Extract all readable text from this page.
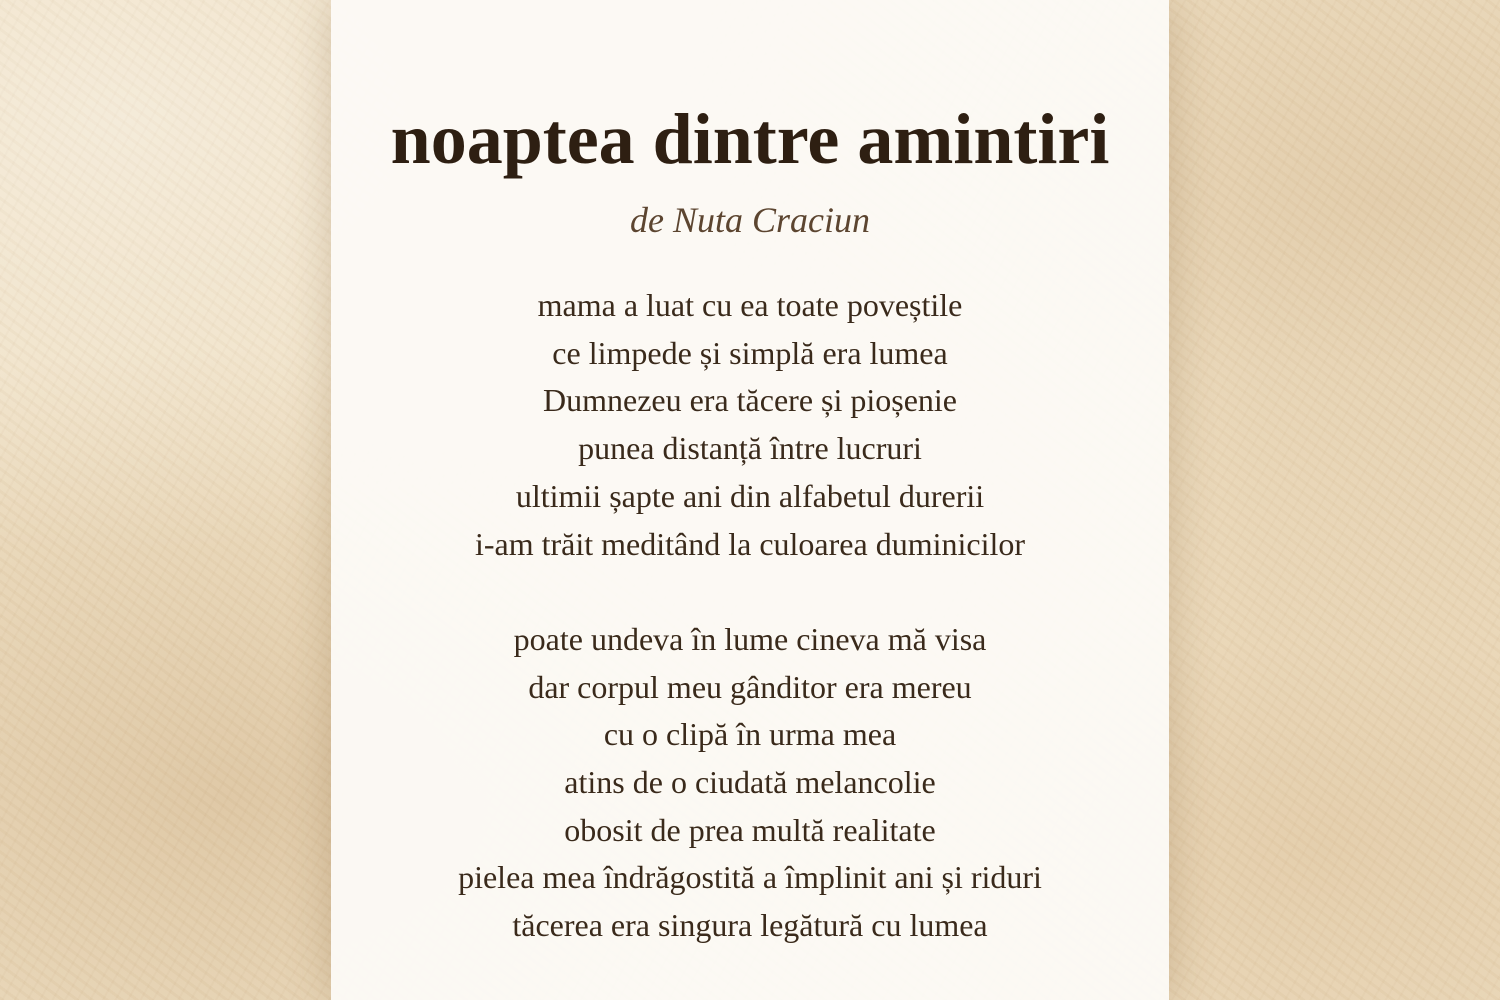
noaptea dintre amintiri
de Nuta Craciun
mama a luat cu ea toate poveștile
ce limpede și simplă era lumea
Dumnezeu era tăcere și pioșenie
punea distanță între lucruri
ultimii șapte ani din alfabetul durerii
i-am trăit meditând la culoarea duminicilor
poate undeva în lume cineva mă visa
dar corpul meu gânditor era mereu
cu o clipă în urma mea
atins de o ciudată melancolie
obosit de prea multă realitate
pielea mea îndrăgostită a împlinit ani și riduri
tăcerea era singura legătură cu lumea
